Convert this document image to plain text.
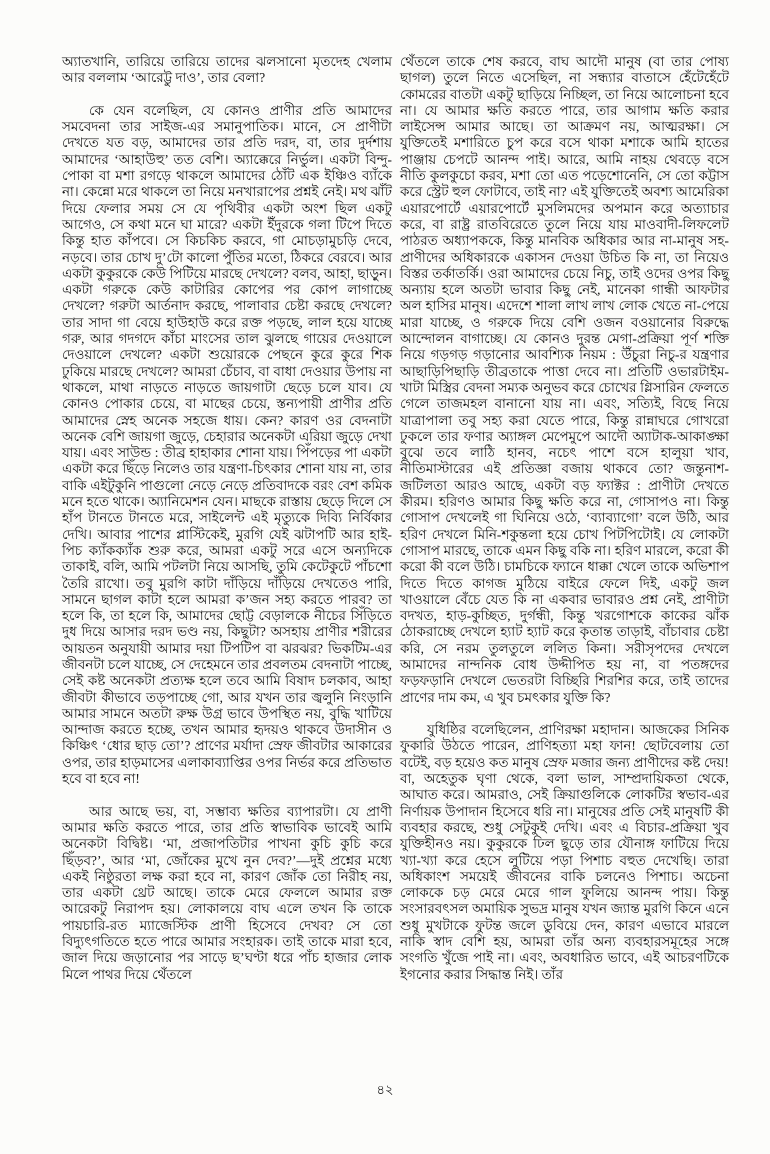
অ্যাতখানি, তারিয়ে তারিয়ে তাদের ঝলসানো মৃতদেহ খেলাম আর বললাম ‘আরেট্টু দাও’, তার বেলা?

কে যেন বলেছিল, যে কোনও প্রাণীর প্রতি আমাদের সমবেদনা তার সাইজ-এর সমানুপাতিক। মানে, সে প্রাণীটা দেখতে যত বড়, আমাদের তার প্রতি দরদ, বা, তার দুর্দশায় আমাদের ‘আহাউহু’ তত বেশি। অ্যাক্কেরে নির্ভুল। একটা বিন্দু-পোকা বা মশা রগড়ে থাকলে আমাদের ঠোঁট এক ইঞ্চিও ব্যাঁকে না। কেন্নো মরে থাকলে তা নিয়ে মনখারাপের প্রশ্নই নেই। মথ ঝাঁট দিয়ে ফেলার সময় সে যে পৃথিবীর একটা অংশ ছিল একটু আগেও, সে কথা মনে ঘা মারে? একটা ইঁদুরকে গলা টিপে দিতে কিন্তু হাত কাঁপবে। সে কিচকিচ করবে, গা মোচড়ামুচড়ি দেবে, নড়বে। তার চোখ দু’টো কালো পুঁতির মতো, ঠিকরে বেরবে। আর একটা কুকুরকে কেউ পিটিয়ে মারছে দেখলে? বলব, আহা, ছাড়ুন। একটা গরুকে কেউ কাটারির কোপের পর কোপ লাগাচ্ছে দেখলে? গরুটা আর্তনাদ করছে, পালাবার চেষ্টা করছে দেখলে? তার সাদা গা বেয়ে হাউহাউ করে রক্ত পড়ছে, লাল হয়ে যাচ্ছে গরু, আর গদগদে কাঁচা মাংসের তাল ঝুলছে গায়ের দেওয়ালে দেওয়ালে দেখলে? একটা শুয়োরকে পেছনে কুরে কুরে শিক ঢুকিয়ে মারছে দেখলে? আমরা চেঁচাব, বা বাধা দেওয়ার উপায় না থাকলে, মাথা নাড়তে নাড়তে জায়গাটা ছেড়ে চলে যাব। যে কোনও পোকার চেয়ে, বা মাছের চেয়ে, স্তন্যপায়ী প্রাণীর প্রতি আমাদের স্নেহ অনেক সহজে ধায়। কেন? কারণ ওর বেদনাটা অনেক বেশি জায়গা জুড়ে, চেহারার অনেকটা এরিয়া জুড়ে দেখা যায়। এবং সাউন্ড : তীব্র হাহাকার শোনা যায়। পিঁপড়ের পা একটা একটা করে ছিঁড়ে নিলেও তার যন্ত্রণা-চিৎকার শোনা যায় না, তার বাকি এইটুকুনি পাগুলো নেড়ে নেড়ে প্রতিবাদকে বরং বেশ কমিক মনে হতে থাকে। অ্যানিমেশন যেন। মাছকে রাস্তায় ছেড়ে দিলে সে হাঁপ টানতে টানতে মরে, সাইলেন্ট এই মৃত্যুকে দিব্যি নির্বিকার দেখি। আবার পাশের প্লাস্টিকেই, মুরগি যেই ঝটাপটি আর হাই-পিচ ক্যাঁকক্যাঁক শুরু করে, আমরা একটু সরে এসে অন্যদিকে তাকাই, বলি, আমি পটলটা নিয়ে আসছি, তুমি কেটেকুটে পাঁচশো তৈরি রাখো। তবু মুরগি কাটা দাঁড়িয়ে দাঁড়িয়ে দেখতেও পারি, সামনে ছাগল কাটা হলে আমরা ক’জন সহ্য করতে পারব? তা হলে কি, তা হলে কি, আমাদের ছোট্ট বেড়ালকে নীচের সিঁড়িতে দুধ দিয়ে আসার দরদ ভণ্ড নয়, কিছুটা? অসহায় প্রাণীর শরীরের আয়তন অনুযায়ী আমার দয়া টিপটিপ বা ঝরঝর? ভিকটিম-এর জীবনটা চলে যাচ্ছে, সে দেহেমনে তার প্রবলতম বেদনাটা পাচ্ছে, সেই কষ্ট অনেকটা প্রত্যক্ষ হলে তবে আমি বিষাদ চলকাব, আহা জীবটা কীভাবে তড়পাচ্ছে গো, আর যখন তার জ্বলুনি নিংড়ানি আমার সামনে অতটা রুক্ষ উগ্র ভাবে উপস্থিত নয়, বুদ্ধি খাটিয়ে আন্দাজ করতে হচ্ছে, তখন আমার হৃদয়ও থাকবে উদাসীন ও কিঞ্চিৎ ‘ধোর ছাড় তো’? প্রাণের মর্যাদা স্রেফ জীবটার আকারের ওপর, তার হাড়মাসের এলাকাব্যাপ্তির ওপর নির্ভর করে প্রতিভাত হবে বা হবে না!

আর আছে ভয়, বা, সম্ভাব্য ক্ষতির ব্যাপারটা। যে প্রাণী আমার ক্ষতি করতে পারে, তার প্রতি স্বাভাবিক ভাবেই আমি অনেকটা বিদ্বিষ্ট। ‘মা, প্রজাপতিটার পাখনা কুচি কুচি করে ছিঁড়ব?’, আর ‘মা, জোঁকের মুখে নুন দেব?’—দুই প্রশ্নের মধ্যে একই নিষ্ঠুরতা লক্ষ করা হবে না, কারণ জোঁক তো নিরীহ নয়, তার একটা থ্রেট আছে। তাকে মেরে ফেললে আমার রক্ত আরেকটু নিরাপদ হয়। লোকালয়ে বাঘ এলে তখন কি তাকে পায়চারি-রত ম্যাজেস্টিক প্রাণী হিসেবে দেখব? সে তো বিদ্যুৎগতিতে হতে পারে আমার সংহারক। তাই তাকে মারা হবে, জাল দিয়ে জড়ানোর পর সাড়ে ছ’ঘণ্টা ধরে পাঁচ হাজার লোক মিলে পাথর দিয়ে থেঁতলে

থেঁতলে তাকে শেষ করবে, বাঘ আদৌ মানুষ (বা তার পোষ্য ছাগল) তুলে নিতে এসেছিল, না সন্ধ্যার বাতাসে হেঁটেহেঁটে কোমরের বাতটা একটু ছাড়িয়ে নিচ্ছিল, তা নিয়ে আলোচনা হবে না। যে আমার ক্ষতি করতে পারে, তার আগাম ক্ষতি করার লাইসেন্স আমার আছে। তা আক্রমণ নয়, আত্মরক্ষা। সে যুক্তিতেই মশারিতে চুপ করে বসে থাকা মশাকে আমি হাতের পাঞ্জায় চেপটে আনন্দ পাই। আরে, আমি নাহয় থেবড়ে বসে নীতি কুলকুচো করব, মশা তো এত পড়েশোনেনি, সে তো কট্টাস করে স্ট্রেট হুল ফোটাবে, তাই না? এই যুক্তিতেই অবশ্য আমেরিকা এয়ারপোর্টে এয়ারপোর্টে মুসলিমদের অপমান করে অত্যাচার করে, বা রাষ্ট্র রাতবিরেতে তুলে নিয়ে যায় মাওবাদী-লিফলেট পাঠরত অধ্যাপককে, কিন্তু মানবিক অধিকার আর না-মানুষ সহ-প্রাণীদের অধিকারকে একাসন দেওয়া উচিত কি না, তা নিয়েও বিস্তর তর্কাতর্কি। ওরা আমাদের চেয়ে নিচু, তাই ওদের ওপর কিছু অন্যায় হলে অতটা ভাবার কিছু নেই, মানেকা গান্ধী আফটার অল হাসির মানুষ। এদেশে শালা লাখ লাখ লোক খেতে না-পেয়ে মারা যাচ্ছে, ও গরুকে দিয়ে বেশি ওজন বওয়ানোর বিরুদ্ধে আন্দোলন বাগাচ্ছে। যে কোনও দুরন্ত মেগা-প্রক্রিয়া পূর্ণ শক্তি নিয়ে গড়গড় গড়ানোর আবশ্যিক নিয়ম : উঁচুরা নিচু-র যন্ত্রণার আছাড়িপিছাড়ি তীব্রতাকে পাত্তা দেবে না। প্রতিটি ওভারটাইম-খাটা মিস্ত্রির বেদনা সম্যক অনুভব করে চোখের গ্লিসারিন ফেলতে গেলে তাজমহল বানানো যায় না। এবং, সত্যিই, বিছে নিয়ে যাত্রাপালা তবু সহ্য করা যেতে পারে, কিন্তু রান্নাঘরে গোখরো ঢুকলে তার ফণার অ্যাঙ্গল মেপেমুপে আদৌ অ্যাটাক-আকাঙ্ক্ষা বুঝে তবে লাঠি হানব, নচেৎ পাশে বসে হালুয়া খাব, নীতিমাস্টারের এই প্রতিজ্ঞা বজায় থাকবে তো? জন্তুনাশ-জটিলতা আরও আছে, একটা বড় ফ্যাক্টর : প্রাণীটা দেখতে কীরম। হরিণও আমার কিছু ক্ষতি করে না, গোসাপও না। কিন্তু গোসাপ দেখলেই গা ঘিনিয়ে ওঠে, ‘ব্যাব্যাগো’ বলে উঠি, আর হরিণ দেখলে মিনি-শকুন্তলা হয়ে চোখ পিটপিটোই। যে লোকটা গোসাপ মারছে, তাকে এমন কিছু বকি না। হরিণ মারলে, করো কী করো কী বলে উঠি। চামচিকে ফ্যানে ধাক্কা খেলে তাকে অভিশাপ দিতে দিতে কাগজ মুঠিয়ে বাইরে ফেলে দিই, একটু জল খাওয়ালে বেঁচে যেত কি না একবার ভাবারও প্রশ্ন নেই, প্রাণীটা বদখত, হাড়-কুচ্ছিত, দুর্গন্ধী, কিন্তু খরগোশকে কাকের ঝাঁক ঠোকরাচ্ছে দেখলে হ্যাট হ্যাট করে কৃতান্ত তাড়াই, বাঁচাবার চেষ্টা করি, সে নরম তুলতুলে ললিত কিনা। সরীসৃপদের দেখলে আমাদের নান্দনিক বোধ উদ্দীপিত হয় না, বা পতঙ্গদের ফড়ফড়ানি দেখলে ভেতরটা বিচ্ছিরি শিরশির করে, তাই তাদের প্রাণের দাম কম, এ খুব চমৎকার যুক্তি কি?

যুধিষ্ঠির বলেছিলেন, প্রাণিরক্ষা মহাদান। আজকের সিনিক ফুকারি উঠতে পারেন, প্রাণিহত্যা মহা ফান! ছোটবেলায় তো বটেই, বড় হয়েও কত মানুষ স্রেফ মজার জন্য প্রাণীদের কষ্ট দেয়! বা, অহেতুক ঘৃণা থেকে, বলা ভাল, সাম্প্রদায়িকতা থেকে, আঘাত করে। আমরাও, সেই ক্রিয়াগুলিকে লোকটির স্বভাব-এর নির্ণায়ক উপাদান হিসেবে ধরি না। মানুষের প্রতি সেই মানুষটি কী ব্যবহার করছে, শুধু সেটুকুই দেখি। এবং এ বিচার-প্রক্রিয়া খুব যুক্তিহীনও নয়। কুকুরকে ঢিল ছুড়ে তার যৌনাঙ্গ ফাটিয়ে দিয়ে খ্যা-খ্যা করে হেসে লুটিয়ে পড়া পিশাচ বহুত দেখেছি। তারা অধিকাংশ সময়েই জীবনের বাকি চলনেও পিশাচ। অচেনা লোককে চড় মেরে মেরে গাল ফুলিয়ে আনন্দ পায়। কিন্তু সংসারবৎসল অমায়িক সুভদ্র মানুষ যখন জ্যান্ত মুরগি কিনে এনে শুধু মুখটাকে ফুটন্ত জলে ডুবিয়ে দেন, কারণ এভাবে মারলে নাকি স্বাদ বেশি হয়, আমরা তাঁর অন্য ব্যবহারসমূহের সঙ্গে সংগতি খুঁজে পাই না। এবং, অবধারিত ভাবে, এই আচরণটিকে ইগনোর করার সিদ্ধান্ত নিই। তাঁর

৪২
